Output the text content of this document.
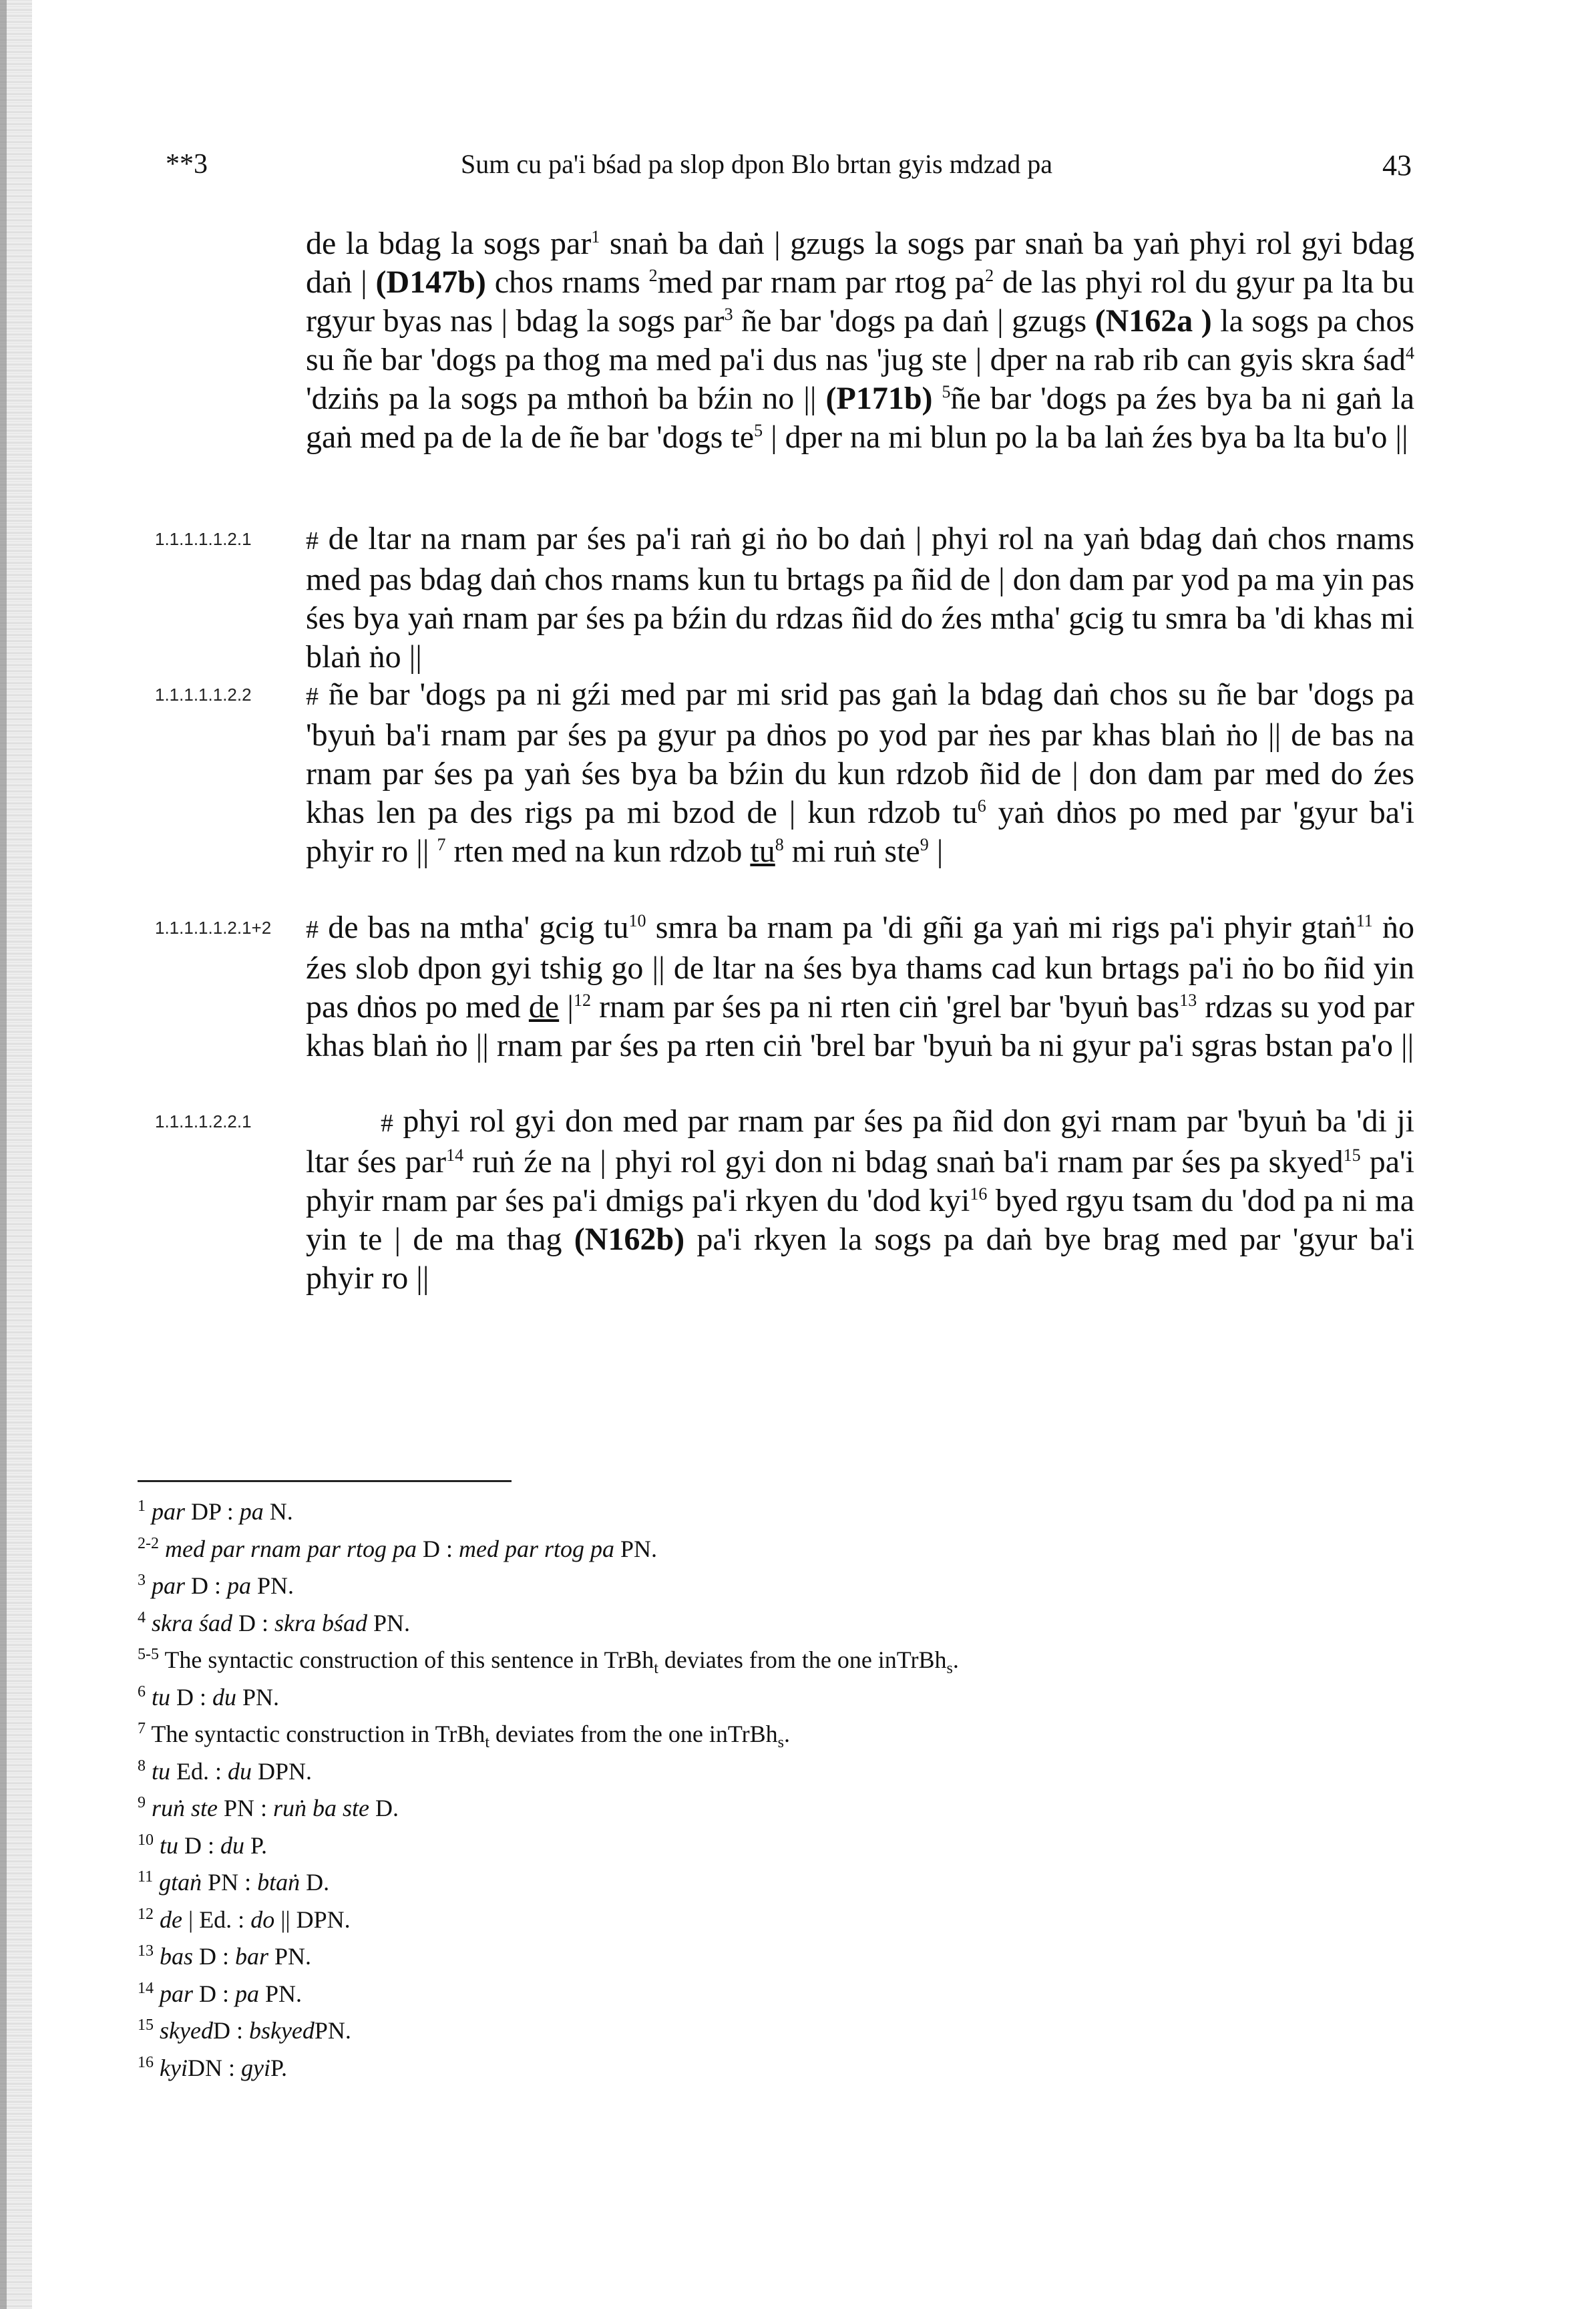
**3	Sum cu pa'i bśad pa slop dpon Blo brtan gyis mdzad pa	43
1.1.1.1.1.2.1
1.1.1.1.1.2.2
1.1.1.1.1.2.1+2
1.1.1.1.2.2.1

de la bdag la sogs par$^1$ snaṅ ba daṅ | gzugs la sogs par snaṅ ba yaṅ phyi rol gyi bdag daṅ | (D147b) chos rnams $^2$med par rnam par rtog $pa^2$ de las phyi rol du gyur pa lta bu rgyur byas nas | bdag la sogs par$^3$ ñe bar 'dogs pa daṅ | gzugs (N162a ) la sogs pa chos su ñe bar 'dogs pa thog ma med pa'i dus nas 'jug ste | dper na rab rib can gyis skra śad$^4$ 'dziṅs pa la sogs pa mthoṅ ba bźin no || (P171b) $^5$ñe bar 'dogs pa źes bya ba ni gaṅ la gaṅ med pa de la de ñe bar 'dogs $te^5$ | dper na mi blun po la ba laṅ źes bya ba lta bu'o ||

# de ltar na rnam par śes pa'i raṅ gi ṅo bo daṅ | phyi rol na yaṅ bdag daṅ chos rnams med pas bdag daṅ chos rnams kun tu brtags pa ñid de | don dam par yod pa ma yin pas śes bya yaṅ rnam par śes pa bźin du rdzas ñid do źes mtha' gcig tu smra ba 'di khas mi blaṅ ṅo ||

# ñe bar 'dogs pa ni gźi med par mi srid pas gaṅ la bdag daṅ chos su ñe bar 'dogs pa 'byuṅ ba'i rnam par śes pa gyur pa dṅos po yod par ṅes par khas blaṅ ṅo || de bas na rnam par śes pa yaṅ śes bya ba bźin du kun rdzob ñid de | don dam par med do źes khas len pa des rigs pa mi bzod de | kun rdzob $tu^6$ yaṅ dṅos po med par 'gyur ba'i phyir ro || $^7$ rten med na kun rdzob $tu^8$ mi ruṅ ste$^9$ |

# de bas na mtha' gcig $tu^{10}$ smra ba rnam pa 'di gñi ga yaṅ mi rigs pa'i phyir gtaṅ$^{11}$ ṅo źes slob dpon gyi tshig go || de ltar na śes bya thams cad kun brtags pa'i ṅo bo ñid yin pas dṅos po med de $|^{12}$ rnam par śes pa ni rten ciṅ 'grel bar 'byuṅ bas$^{13}$ rdzas su yod par khas blaṅ ṅo || rnam par śes pa rten ciṅ 'brel bar 'byuṅ ba ni gyur pa'i sgras bstan pa'o ||

# phyi rol gyi don med par rnam par śes pa ñid don gyi rnam par 'byuṅ ba 'di ji ltar śes par$^{14}$ ruṅ źe na | phyi rol gyi don ni bdag snaṅ ba'i rnam par śes pa skyed$^{15}$ pa'i phyir rnam par śes pa'i dmigs pa'i rkyen du 'dod kyi$^{16}$ byed rgyu tsam du 'dod pa ni ma yin te | de ma thag (N162b) pa'i rkyen la sogs pa daṅ bye brag med par 'gyur ba'i phyir ro ||

$^1$ par DP : pa N.

$^{2-2}$ med par rnam par rtog pa D : med par rtog pa PN.

$^3$ par D : pa PN.

$^4$ skra śad D : skra bśad PN.

$^{5-5}$ The syntactic construction of this sentence in TrBh$_t$ deviates from the one inTrBh$_s$.

$^6$ tu D : du PN.

$^7$ The syntactic construction in TrBh$_t$ deviates from the one inTrBh$_s$.

$^8$ tu Ed. : du DPN.

$^9$ ruṅ ste PN : ruṅ ba ste D.

$^{10}$ tu D : du P.

$^{11}$ gtaṅ PN : btaṅ D.

$^{12}$ de | Ed. : do || DPN.

$^{13}$ bas D : bar PN.

$^{14}$ par D : pa PN.

$^{15}$ skyedD : bskyedPN.

$^{16}$ kyiDN : gyiP.
